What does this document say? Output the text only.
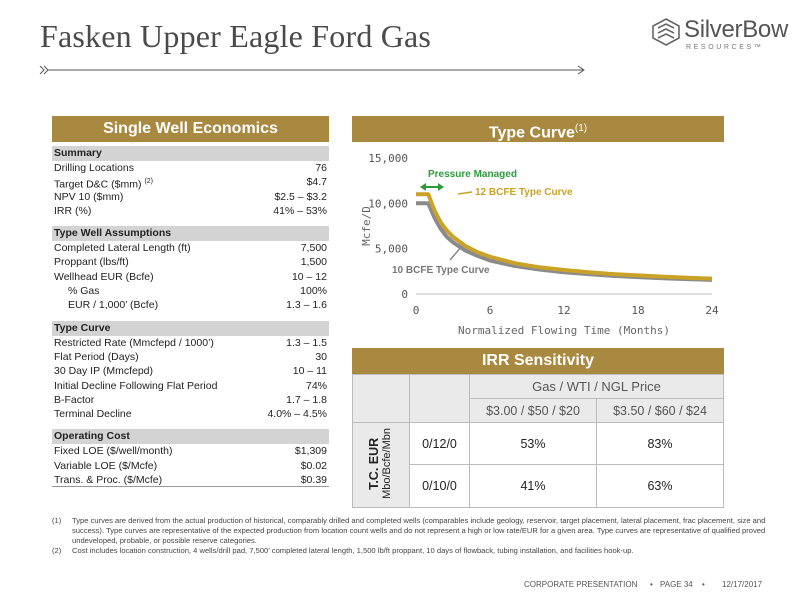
Fasken Upper Eagle Ford Gas	SilverBow
RESOURCES™
Single Well Economics
Summary
Drilling Locations	76
Target D&C ($mm) $^{(2)}$	$4.7
NPV 10 ($mm)	$2.5 – $3.2
IRR (%)	41% – 53%
Type Well Assumptions
Completed Lateral Length (ft)	7,500
Proppant (lbs/ft)	1,500
Wellhead EUR (Bcfe)	10 – 12
% Gas	100%
EUR / 1,000’ (Bcfe)	1.3 – 1.6
Type Curve
Restricted Rate (Mmcfepd / 1000’)	1.3 – 1.5
Flat Period (Days)	30
30 Day IP (Mmcfepd)	10 – 11
Initial Decline Following Flat Period	74%
B-Factor	1.7 – 1.8
Terminal Decline	4.0% – 4.5%
Operating Cost
Fixed LOE ($/well/month)	$1,309
Variable LOE ($/Mcfe)	$0.02
Trans. & Proc. ($/Mcfe)	$0.39
Type Curve$^{(1)}$
0	6	12	18	24
0
5,000
10,000
15,000
Normalized Flowing Time (Months)
Mcfe/D
Pressure Managed
12 BCFE Type Curve
10 BCFE Type Curve
IRR Sensitivity
		Gas / WTI / NGL Price	
		$3.00 / $50 / $20	$3.50 / $60 / $24
T.C. EUR
Mbo/Bcfe/Mbn	0/12/0	53%	83%
	0/10/0	41%	63%
(1)	Type curves are derived from the actual production of historical, comparably drilled and completed wells (comparables include geology, reservoir, target placement, lateral placement, frac placement, size and success). Type curves are representative of the expected production from location count wells and do not represent a high or low rate/EUR for a given area. Type curves are representative of qualified proved undeveloped, probable, or possible reserve categories.
(2)	Cost includes location construction, 4 wells/drill pad, 7,500’ completed lateral length, 1,500 lb/ft proppant, 10 days of flowback, tubing installation, and facilities hook-up.
CORPORATE PRESENTATION • PAGE 34 • 12/17/2017
